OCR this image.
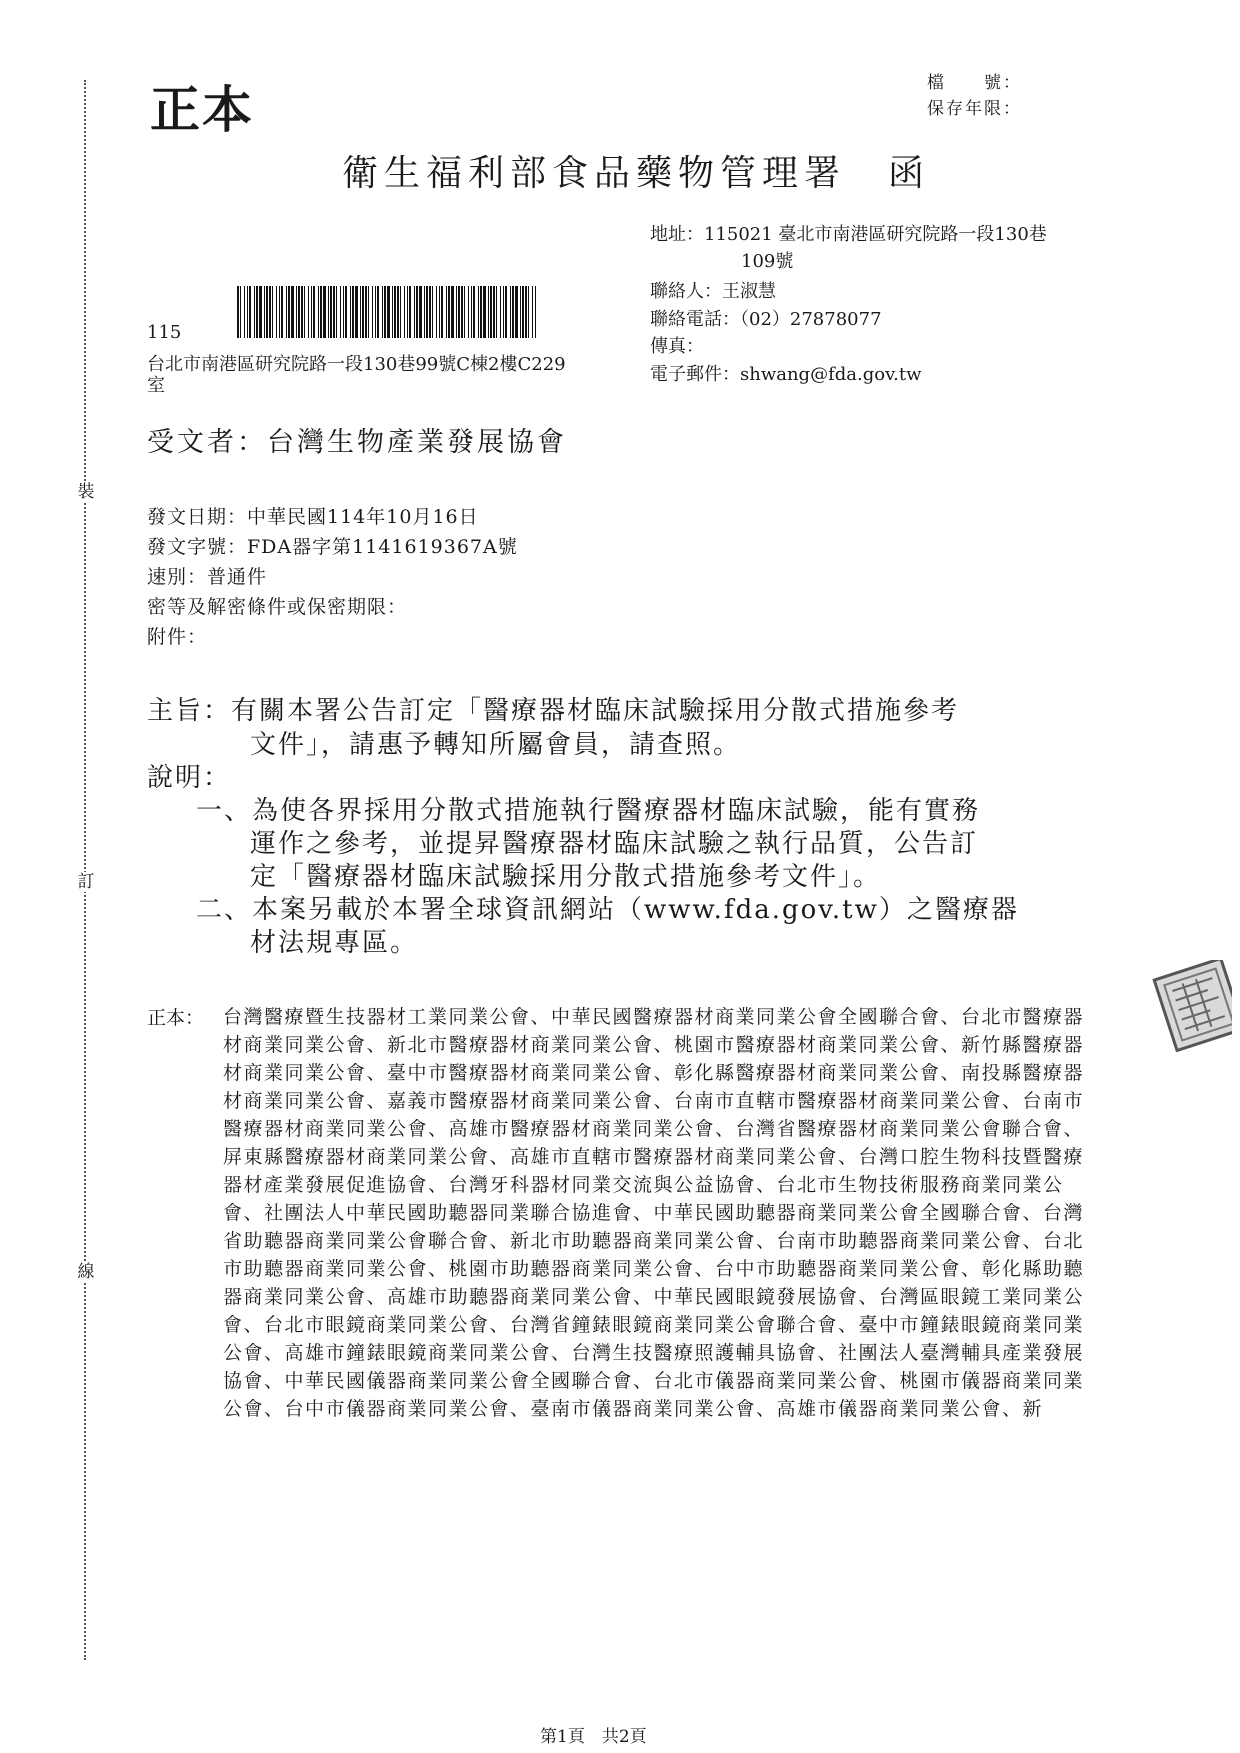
裝
訂
線
正本	檔　　號：
保存年限：
衛生福利部食品藥物管理署　函
地址：115021 臺北市南港區研究院路一段130巷
109號
聯絡人：王淑慧
聯絡電話：（02）27878077
傳真：
電子郵件：shwang@fda.gov.tw
115
台北市南港區研究院路一段130巷99號C棟2樓C229
室
受文者：台灣生物產業發展協會
發文日期：中華民國114年10月16日
發文字號：FDA器字第1141619367A號
速別：普通件
密等及解密條件或保密期限：
附件：
主旨：有關本署公告訂定「醫療器材臨床試驗採用分散式措施參考
文件」，請惠予轉知所屬會員，請查照。
說明：
一、為使各界採用分散式措施執行醫療器材臨床試驗，能有實務
運作之參考，並提昇醫療器材臨床試驗之執行品質，公告訂
定「醫療器材臨床試驗採用分散式措施參考文件」。
二、本案另載於本署全球資訊網站（www.fda.gov.tw）之醫療器
材法規專區。
正本： 台灣醫療暨生技器材工業同業公會、中華民國醫療器材商業同業公會全國聯合會、台北市醫療器材商業同業公會、新北市醫療器材商業同業公會、桃園市醫療器材商業同業公會、新竹縣醫療器材商業同業公會、臺中市醫療器材商業同業公會、彰化縣醫療器材商業同業公會、南投縣醫療器材商業同業公會、嘉義市醫療器材商業同業公會、台南市直轄市醫療器材商業同業公會、台南市醫療器材商業同業公會、高雄市醫療器材商業同業公會、台灣省醫療器材商業同業公會聯合會、屏東縣醫療器材商業同業公會、高雄市直轄市醫療器材商業同業公會、台灣口腔生物科技暨醫療器材產業發展促進協會、台灣牙科器材同業交流與公益協會、台北市生物技術服務商業同業公會、社團法人中華民國助聽器同業聯合協進會、中華民國助聽器商業同業公會全國聯合會、台灣省助聽器商業同業公會聯合會、新北市助聽器商業同業公會、台南市助聽器商業同業公會、台北市助聽器商業同業公會、桃園市助聽器商業同業公會、台中市助聽器商業同業公會、彰化縣助聽器商業同業公會、高雄市助聽器商業同業公會、中華民國眼鏡發展協會、台灣區眼鏡工業同業公會、台北市眼鏡商業同業公會、台灣省鐘錶眼鏡商業同業公會聯合會、臺中市鐘錶眼鏡商業同業公會、高雄市鐘錶眼鏡商業同業公會、台灣生技醫療照護輔具協會、社團法人臺灣輔具產業發展協會、中華民國儀器商業同業公會全國聯合會、台北市儀器商業同業公會、桃園市儀器商業同業公會、台中市儀器商業同業公會、臺南市儀器商業同業公會、高雄市儀器商業同業公會、新
第1頁　共2頁
